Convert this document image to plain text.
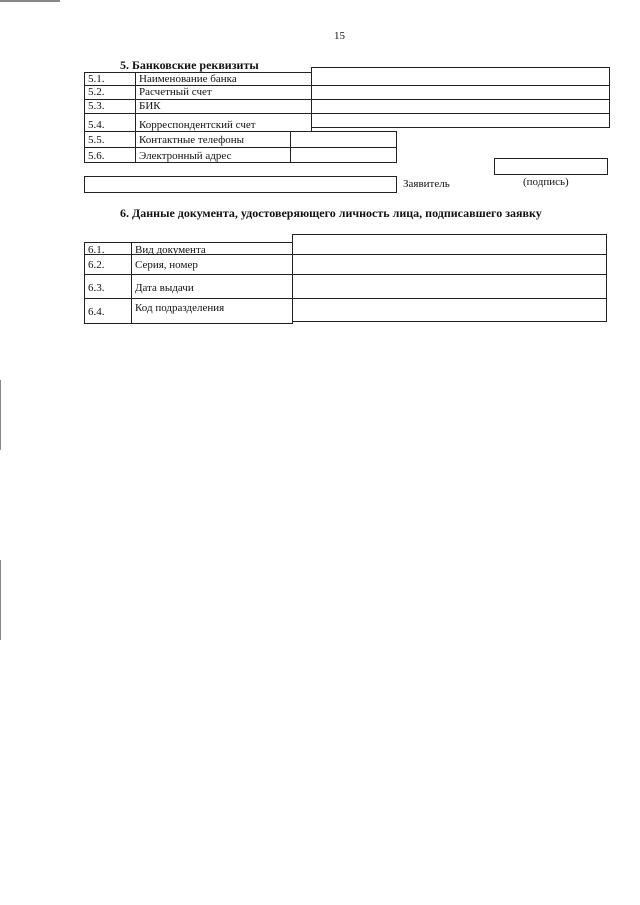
15
5. Банковские реквизиты
5.1.	Наименование банка
5.2.	Расчетный счет
5.3.	БИК
5.4.	Корреспондентский счет
5.5.	Контактные телефоны
5.6.	Электронный адрес
Заявитель	(подпись)
6. Данные документа, удостоверяющего личность лица, подписавшего заявку
6.1.	Вид документа
6.2.	Серия, номер
6.3.	Дата выдачи
6.4.	Код подразделения
